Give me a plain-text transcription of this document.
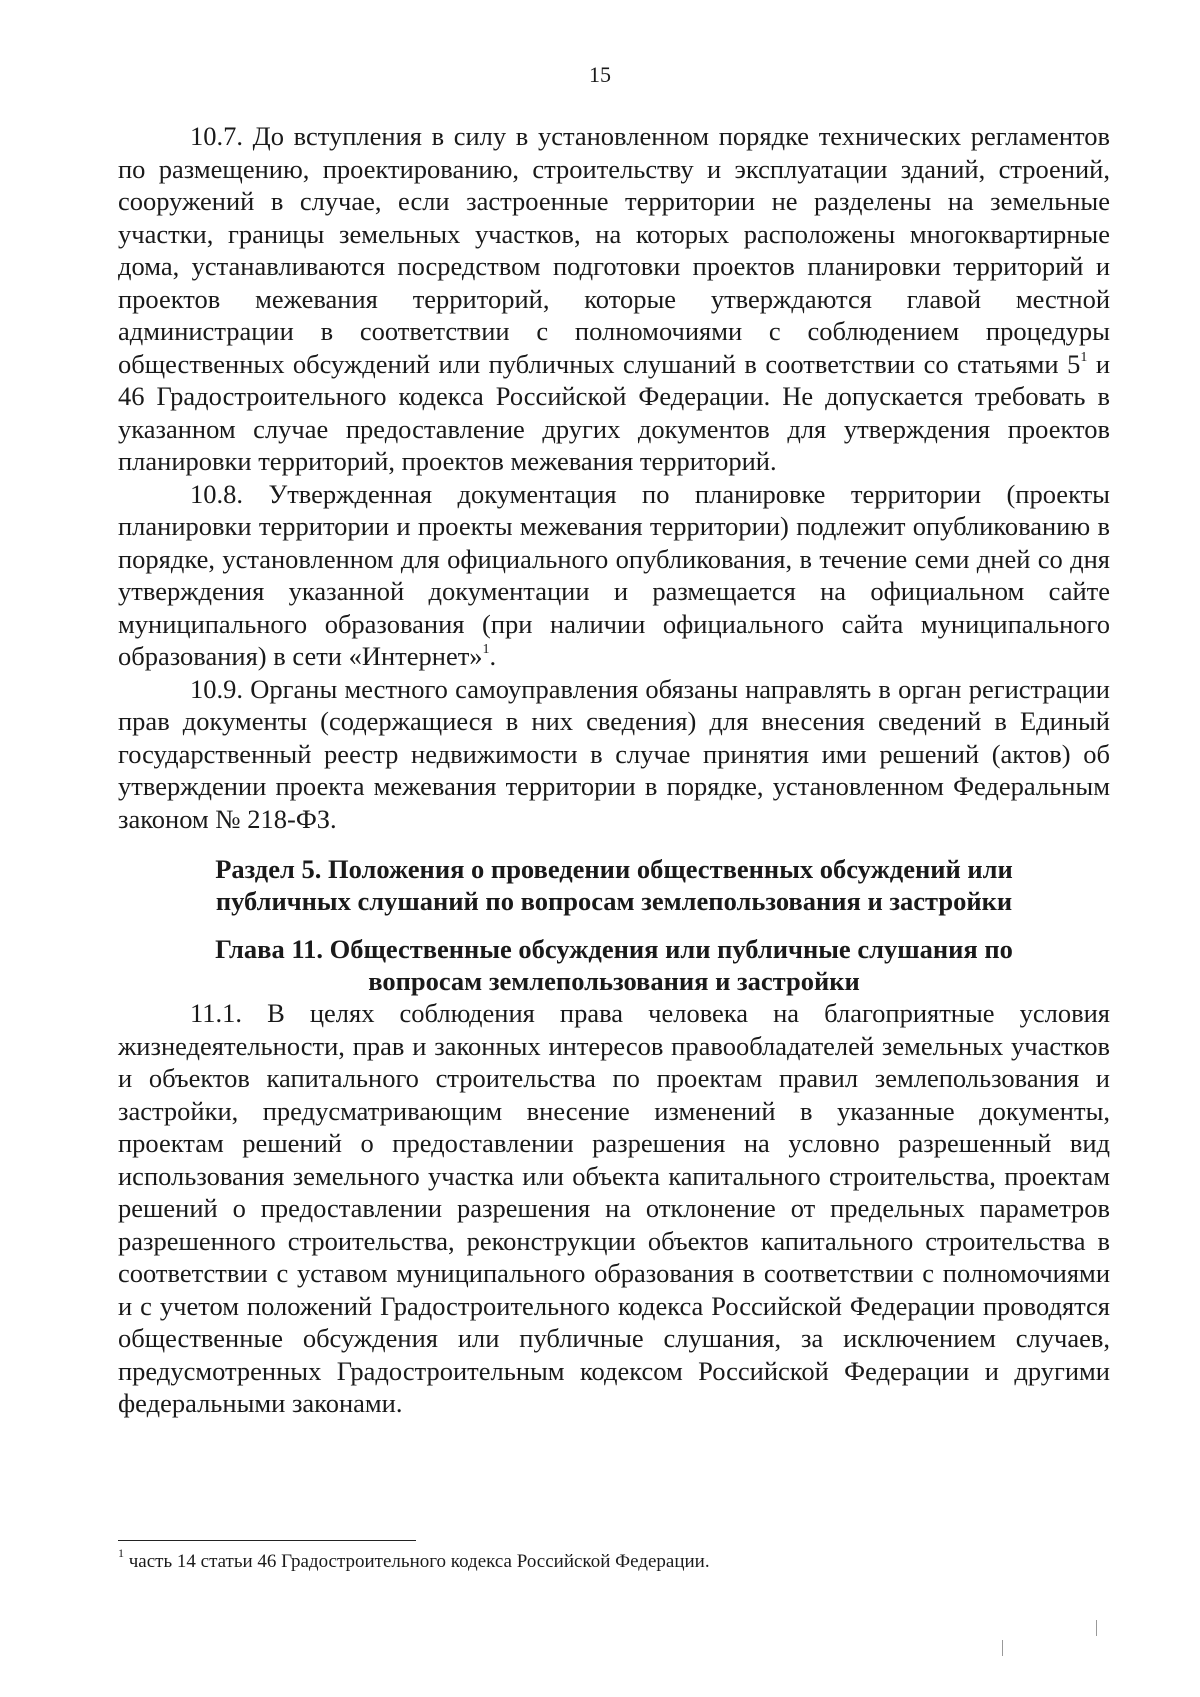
15

10.7. До вступления в силу в установленном порядке технических регламентов по размещению, проектированию, строительству и эксплуатации зданий, строений, сооружений в случае, если застроенные территории не разделены на земельные участки, границы земельных участков, на которых расположены многоквартирные дома, устанавливаются посредством подготовки проектов планировки территорий и проектов межевания территорий, которые утверждаются главой местной администрации в соответствии с полномочиями с соблюдением процедуры общественных обсуждений или публичных слушаний в соответствии со статьями $5^1$ и 46 Градостроительного кодекса Российской Федерации. Не допускается требовать в указанном случае предоставление других документов для утверждения проектов планировки территорий, проектов межевания территорий.

10.8. Утвержденная документация по планировке территории (проекты планировки территории и проекты межевания территории) подлежит опубликованию в порядке, установленном для официального опубликования, в течение семи дней со дня утверждения указанной документации и размещается на официальном сайте муниципального образования (при наличии официального сайта муниципального образования) в сети «Интернет»$^1$.

10.9. Органы местного самоуправления обязаны направлять в орган регистрации прав документы (содержащиеся в них сведения) для внесения сведений в Единый государственный реестр недвижимости в случае принятия ими решений (актов) об утверждении проекта межевания территории в порядке, установленном Федеральным законом № 218-ФЗ.

Раздел 5. Положения о проведении общественных обсуждений или
публичных слушаний по вопросам землепользования и застройки
Глава 11. Общественные обсуждения или публичные слушания по
вопросам землепользования и застройки

11.1. В целях соблюдения права человека на благоприятные условия жизнедеятельности, прав и законных интересов правообладателей земельных участков и объектов капитального строительства по проектам правил землепользования и застройки, предусматривающим внесение изменений в указанные документы, проектам решений о предоставлении разрешения на условно разрешенный вид использования земельного участка или объекта капитального строительства, проектам решений о предоставлении разрешения на отклонение от предельных параметров разрешенного строительства, реконструкции объектов капитального строительства в соответствии с уставом муниципального образования в соответствии с полномочиями и с учетом положений Градостроительного кодекса Российской Федерации проводятся общественные обсуждения или публичные слушания, за исключением случаев, предусмотренных Градостроительным кодексом Российской Федерации и другими федеральными законами.

$^1$ часть 14 статьи 46 Градостроительного кодекса Российской Федерации.
